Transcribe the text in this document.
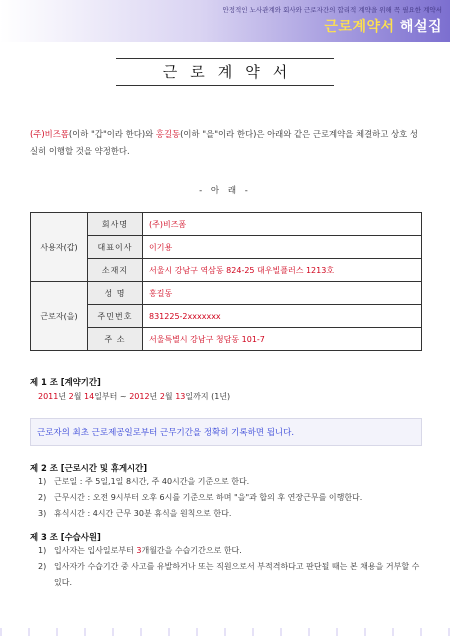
안정적인 노사관계와 회사와 근로자간의 합리적 계약을 위해 꼭 필요한 계약서
근로계약서 해설집
근로계약서
(주)비즈폼(이하 "갑"이라 한다)와 홍길동(이하 "을"이라 한다)은 아래와 같은 근로계약을 체결하고 상호 성실히 이행할 것을 약정한다.
- 아 래 -
사용자(갑)	회사명	(주)비즈폼
	대표이사	이기용
	소재지	서울시 강남구 역삼동 824-25 대우빌플러스 1213호
근로자(을)	성 명	홍길동
	주민번호	831225-2xxxxxxx
	주 소	서울특별시 강남구 청담동 101-7
제 1 조 [계약기간]
2011년 2월 14일부터 ~ 2012년 2월 13일까지 (1년)
근로자의 최초 근로제공일로부터 근무기간을 정확히 기록하면 됩니다.
제 2 조 [근로시간 및 휴게시간]
1) 근로일 : 주 5일,1일 8시간, 주 40시간을 기준으로 한다.
2) 근무시간 : 오전 9시부터 오후 6시를 기준으로 하며 "을"과 합의 후 연장근무를 이행한다.
3) 휴식시간 : 4시간 근무 30분 휴식을 원칙으로 한다.
제 3 조 [수습사원]
1) 입사자는 입사일로부터 3개월간을 수습기간으로 한다.
2) 입사자가 수습기간 중 사고를 유발하거나 또는 직원으로서 부적격하다고 판단될 때는 본 채용을 거부할 수 있다.
